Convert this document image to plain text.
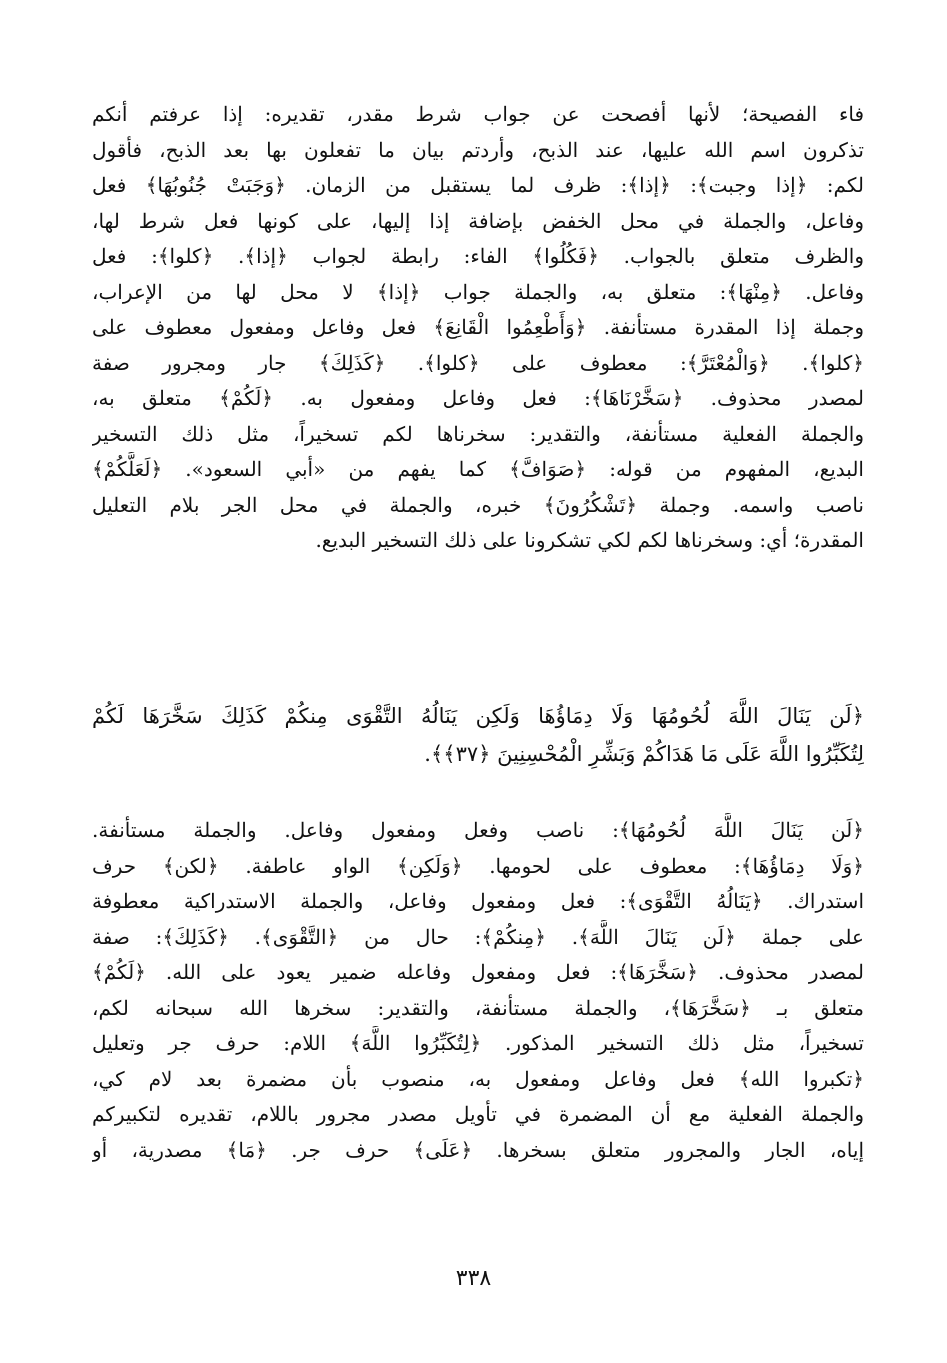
فاء الفصيحة؛ لأنها أفصحت عن جواب شرط مقدر، تقديره: إذا عرفتم أنكم
تذكرون اسم الله عليها، عند الذبح، وأردتم بيان ما تفعلون بها بعد الذبح، فأقول
لكم: ﴿إذا وجبت﴾: ﴿إذا﴾: ظرف لما يستقبل من الزمان. ﴿وَجَبَتْ جُنُوبُهَا﴾ فعل
وفاعل، والجملة في محل الخفض بإضافة إذا إليها، على كونها فعل شرط لها،
والظرف متعلق بالجواب. ﴿فَكُلُوا﴾ الفاء: رابطة لجواب ﴿إذا﴾. ﴿كلوا﴾: فعل
وفاعل. ﴿مِنْهَا﴾: متعلق به، والجملة جواب ﴿إذا﴾ لا محل لها من الإعراب،
وجملة إذا المقدرة مستأنفة. ﴿وَأَطْعِمُوا الْقَانِعَ﴾ فعل وفاعل ومفعول معطوف على
﴿كلوا﴾. ﴿وَالْمُعْتَرَّ﴾: معطوف على ﴿كلوا﴾. ﴿كَذَلِكَ﴾ جار ومجرور صفة
لمصدر محذوف. ﴿سَخَّرْنَاهَا﴾: فعل وفاعل ومفعول به. ﴿لَكُمْ﴾ متعلق به،
والجملة الفعلية مستأنفة، والتقدير: سخرناها لكم تسخيراً، مثل ذلك التسخير
البديع، المفهوم من قوله: ﴿صَوَافَّ﴾ كما يفهم من «أبي السعود». ﴿لَعَلَّكُمْ﴾
ناصب واسمه. وجملة ﴿تَشْكُرُونَ﴾ خبره، والجملة في محل الجر بلام التعليل
المقدرة؛ أي: وسخرناها لكم لكي تشكرونا على ذلك التسخير البديع.
﴿لَن يَنَالَ اللَّهَ لُحُومُهَا وَلَا دِمَاؤُهَا وَلَكِن يَنَالُهُ التَّقْوَى مِنكُمْ كَذَلِكَ سَخَّرَهَا لَكُمْ
لِتُكَبِّرُوا اللَّهَ عَلَى مَا هَدَاكُمْ وَبَشِّرِ الْمُحْسِنِينَ ﴿٣٧﴾﴾.
﴿لَن يَنَالَ اللَّهَ لُحُومُهَا﴾: ناصب وفعل ومفعول وفاعل. والجملة مستأنفة.
﴿وَلَا دِمَاؤُهَا﴾: معطوف على لحومها. ﴿وَلَكِن﴾ الواو عاطفة. ﴿لكن﴾ حرف
استدراك. ﴿يَنَالُهُ التَّقْوَى﴾: فعل ومفعول وفاعل، والجملة الاستدراكية معطوفة
على جملة ﴿لَن يَنَالَ اللَّهَ﴾. ﴿مِنكُمْ﴾: حال من ﴿التَّقْوَى﴾. ﴿كَذَلِكَ﴾: صفة
لمصدر محذوف. ﴿سَخَّرَهَا﴾: فعل ومفعول وفاعله ضمير يعود على الله. ﴿لَكُمْ﴾
متعلق بـ ﴿سَخَّرَهَا﴾، والجملة مستأنفة، والتقدير: سخرها الله سبحانه لكم،
تسخيراً، مثل ذلك التسخير المذكور. ﴿لِتُكَبِّرُوا اللَّهَ﴾ اللام: حرف جر وتعليل
﴿تكبروا الله﴾ فعل وفاعل ومفعول به، منصوب بأن مضمرة بعد لام كي،
والجملة الفعلية مع أن المضمرة في تأويل مصدر مجرور باللام، تقديره لتكبيركم
إياه، الجار والمجرور متعلق بسخرها. ﴿عَلَى﴾ حرف جر. ﴿مَا﴾ مصدرية، أو
٣٣٨
